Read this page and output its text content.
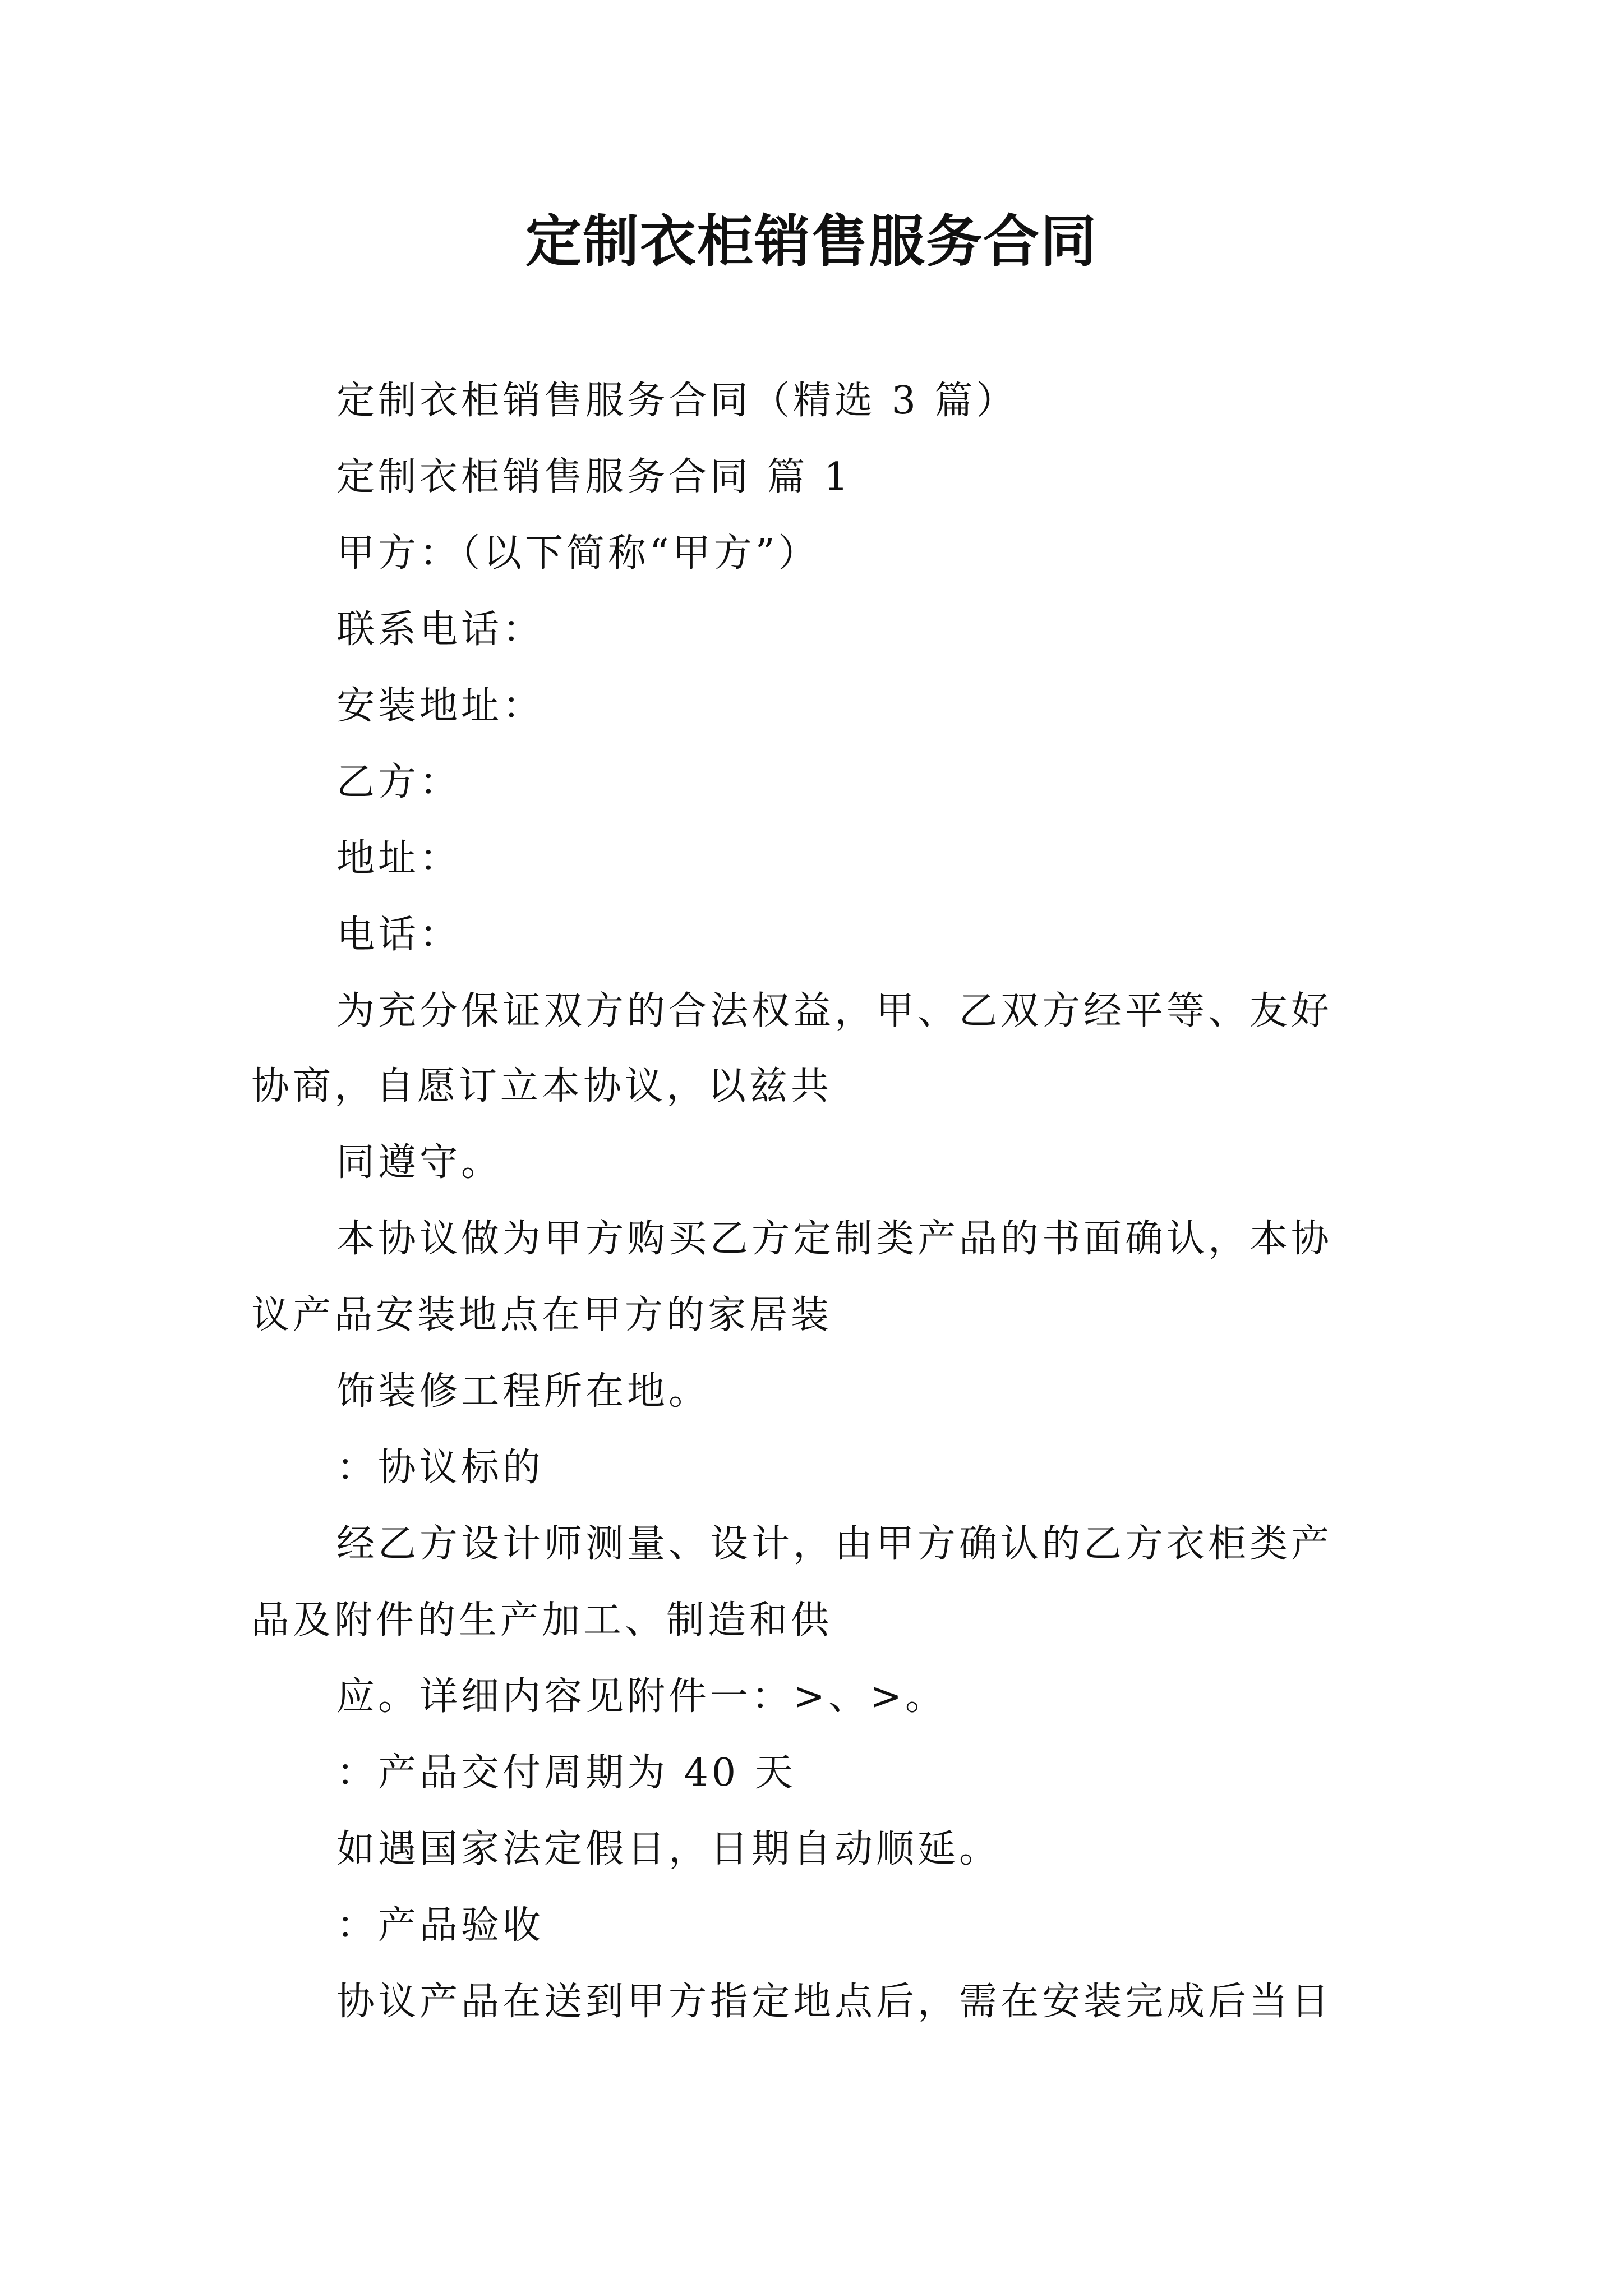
定制衣柜销售服务合同
定制衣柜销售服务合同（精选 3 篇）
定制衣柜销售服务合同 篇 1
甲方：（以下简称“甲方”）
联系电话：
安装地址：
乙方：
地址：
电话：
为充分保证双方的合法权益，甲、乙双方经平等、友好
协商，自愿订立本协议，以兹共
同遵守。
本协议做为甲方购买乙方定制类产品的书面确认，本协
议产品安装地点在甲方的家居装
饰装修工程所在地。
：协议标的
经乙方设计师测量、设计，由甲方确认的乙方衣柜类产
品及附件的生产加工、制造和供
应。详细内容见附件一：>、>。
：产品交付周期为 40 天
如遇国家法定假日，日期自动顺延。
：产品验收
协议产品在送到甲方指定地点后，需在安装完成后当日
